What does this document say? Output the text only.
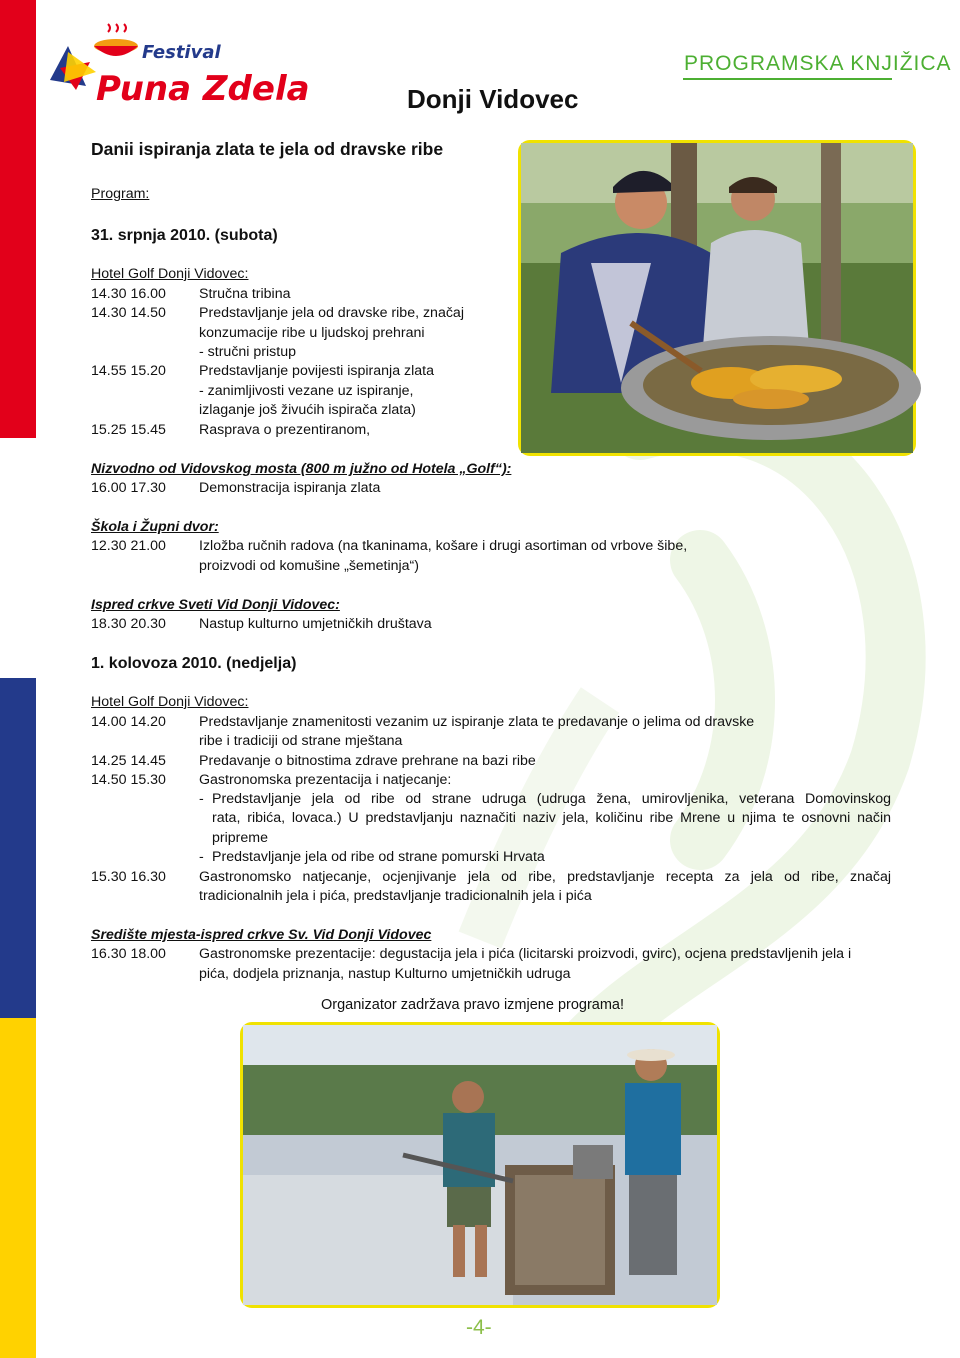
Festival
Puna Zdela	Donji Vidovec
PROGRAMSKA KNJIŽICA
Danii ispiranja zlata te jela od dravske ribe
Program:
31. srpnja 2010. (subota)
Hotel Golf Donji Vidovec:
14.30 16.00 Stručna tribina
14.30 14.50 Predstavljanje jela od dravske ribe, značaj
konzumacije ribe u ljudskoj prehrani
- stručni pristup
14.55 15.20 Predstavljanje povijesti ispiranja zlata
- zanimljivosti vezane uz ispiranje,
izlaganje još živućih ispirača zlata)
15.25 15.45 Rasprava o prezentiranom,
Nizvodno od Vidovskog mosta (800 m južno od Hotela „Golf“):
16.00 17.30 Demonstracija ispiranja zlata
Škola i Župni dvor:
12.30 21.00 Izložba ručnih radova (na tkaninama, košare i drugi asortiman od vrbove šibe,
proizvodi od komušine „šemetinja“)
Ispred crkve Sveti Vid Donji Vidovec:
18.30 20.30 Nastup kulturno umjetničkih društava
1. kolovoza 2010. (nedjelja)
Hotel Golf Donji Vidovec:
14.00 14.20 Predstavljanje znamenitosti vezanim uz ispiranje zlata te predavanje o jelima od dravske
ribe i tradiciji od strane mještana
14.25 14.45 Predavanje o bitnostima zdrave prehrane na bazi ribe
14.50 15.30 Gastronomska prezentacija i natjecanje:
- Predstavljanje jela od ribe od strane udruga (udruga žena, umirovljenika, veterana Domovinskog
rata, ribića, lovaca.) U predstavljanju naznačiti naziv jela, količinu ribe Mrene u njima te osnovni način
pripreme
- Predstavljanje jela od ribe od strane pomurski Hrvata
15.30 16.30 Gastronomsko natjecanje, ocjenjivanje jela od ribe, predstavljanje recepta za jela od ribe, značaj
tradicionalnih jela i pića, predstavljanje tradicionalnih jela i pića
Središte mjesta-ispred crkve Sv. Vid Donji Vidovec
16.30 18.00 Gastronomske prezentacije: degustacija jela i pića (licitarski proizvodi, gvirc), ocjena predstavljenih jela i
pića, dodjela priznanja, nastup Kulturno umjetničkih udruga
Organizator zadržava pravo izmjene programa!
-4-
